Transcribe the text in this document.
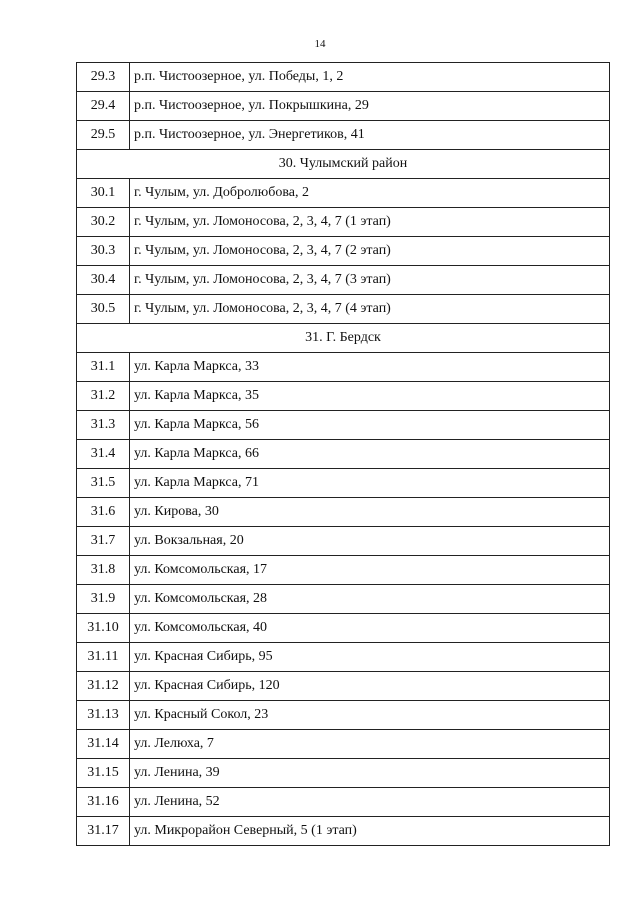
14
29.3	р.п. Чистоозерное, ул. Победы, 1, 2
29.4	р.п. Чистоозерное, ул. Покрышкина, 29
29.5	р.п. Чистоозерное, ул. Энергетиков, 41
30. Чулымский район	
30.1	г. Чулым, ул. Добролюбова, 2
30.2	г. Чулым, ул. Ломоносова, 2, 3, 4, 7 (1 этап)
30.3	г. Чулым, ул. Ломоносова, 2, 3, 4, 7 (2 этап)
30.4	г. Чулым, ул. Ломоносова, 2, 3, 4, 7 (3 этап)
30.5	г. Чулым, ул. Ломоносова, 2, 3, 4, 7 (4 этап)
31. Г. Бердск	
31.1	ул. Карла Маркса, 33
31.2	ул. Карла Маркса, 35
31.3	ул. Карла Маркса, 56
31.4	ул. Карла Маркса, 66
31.5	ул. Карла Маркса, 71
31.6	ул. Кирова, 30
31.7	ул. Вокзальная, 20
31.8	ул. Комсомольская, 17
31.9	ул. Комсомольская, 28
31.10	ул. Комсомольская, 40
31.11	ул. Красная Сибирь, 95
31.12	ул. Красная Сибирь, 120
31.13	ул. Красный Сокол, 23
31.14	ул. Лелюха, 7
31.15	ул. Ленина, 39
31.16	ул. Ленина, 52
31.17	ул. Микрорайон Северный, 5 (1 этап)
